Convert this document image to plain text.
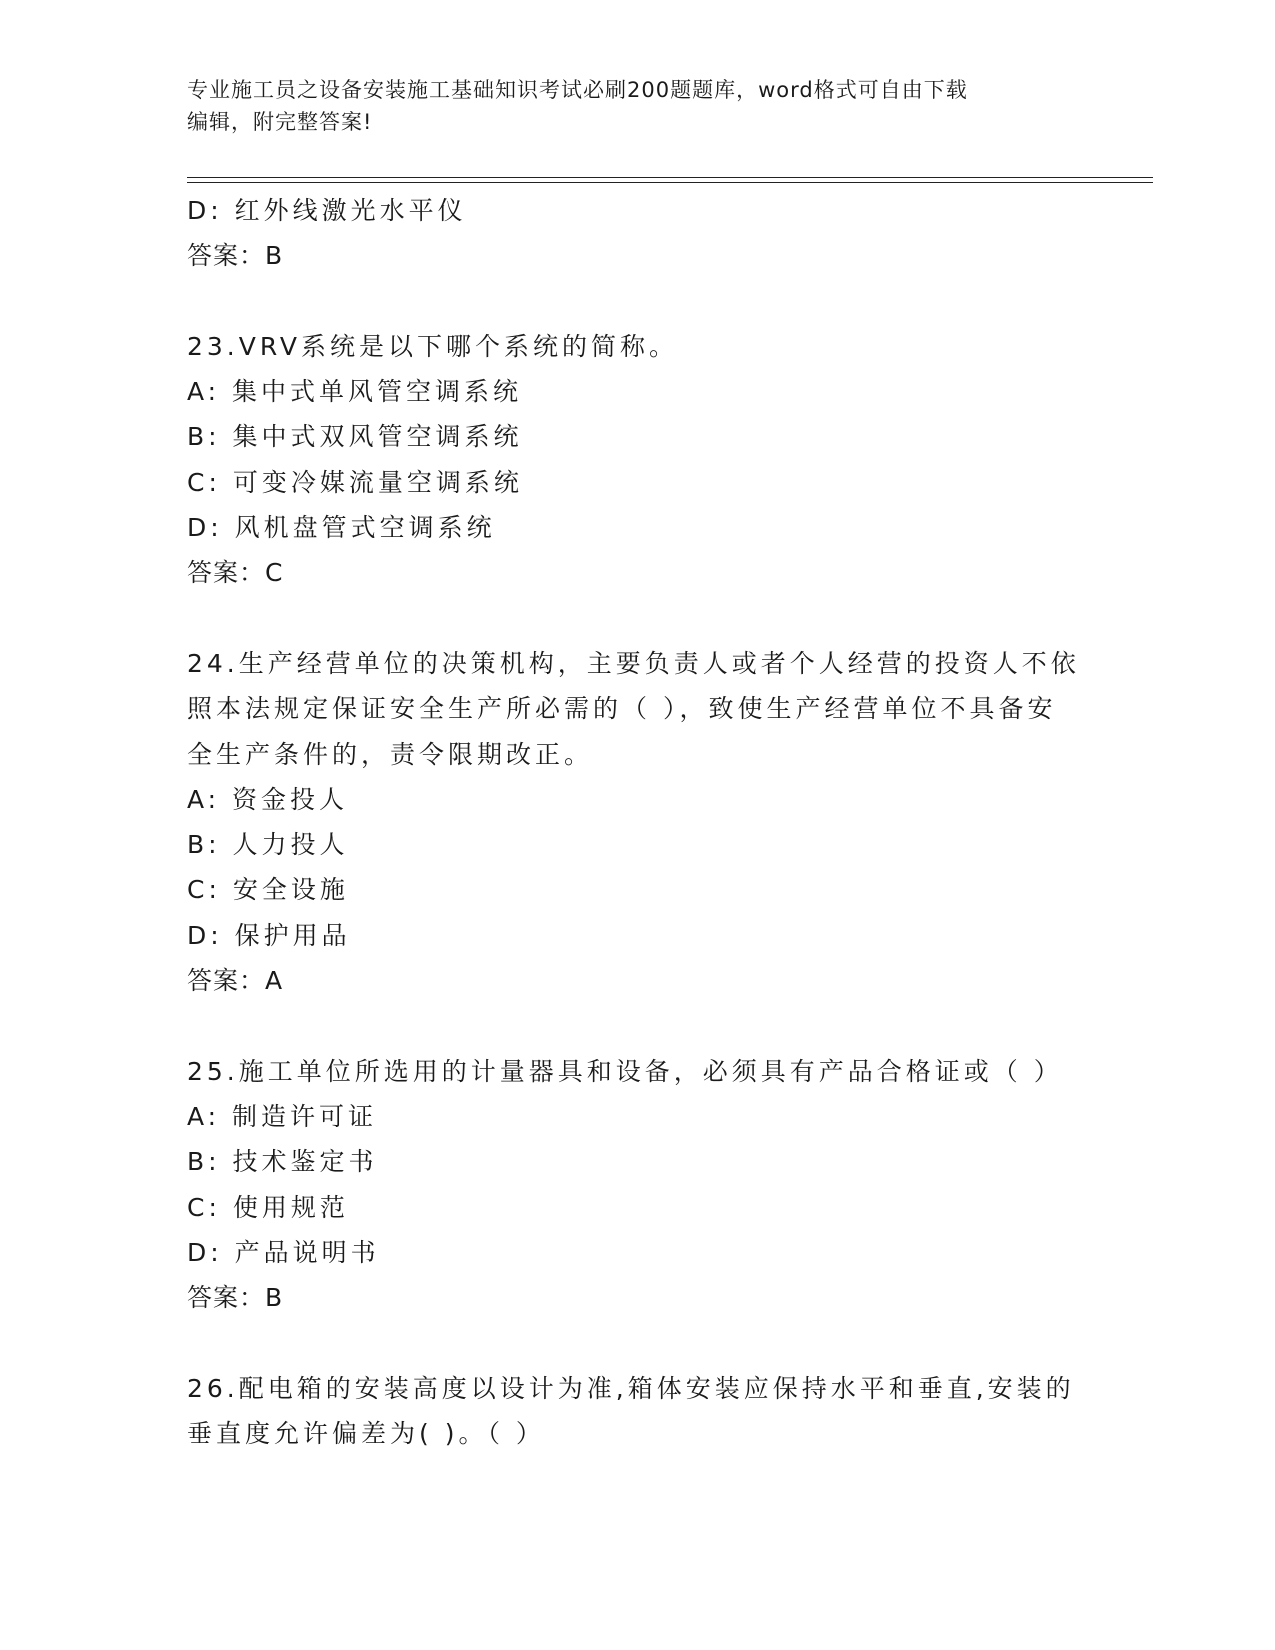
专业施工员之设备安装施工基础知识考试必刷200题题库，word格式可自由下载
编辑，附完整答案!
D: 红外线激光水平仪
答案：B
23.VRV系统是以下哪个系统的简称。
A: 集中式单风管空调系统
B: 集中式双风管空调系统
C: 可变冷媒流量空调系统
D: 风机盘管式空调系统
答案：C
24.生产经营单位的决策机构，主要负责人或者个人经营的投资人不依
照本法规定保证安全生产所必需的（ ），致使生产经营单位不具备安
全生产条件的，责令限期改正。
A: 资金投人
B: 人力投人
C: 安全设施
D: 保护用品
答案：A
25.施工单位所选用的计量器具和设备，必须具有产品合格证或（ ）
A: 制造许可证
B: 技术鉴定书
C: 使用规范
D: 产品说明书
答案：B
26.配电箱的安装高度以设计为准,箱体安装应保持水平和垂直,安装的
垂直度允许偏差为( )。（ ）
